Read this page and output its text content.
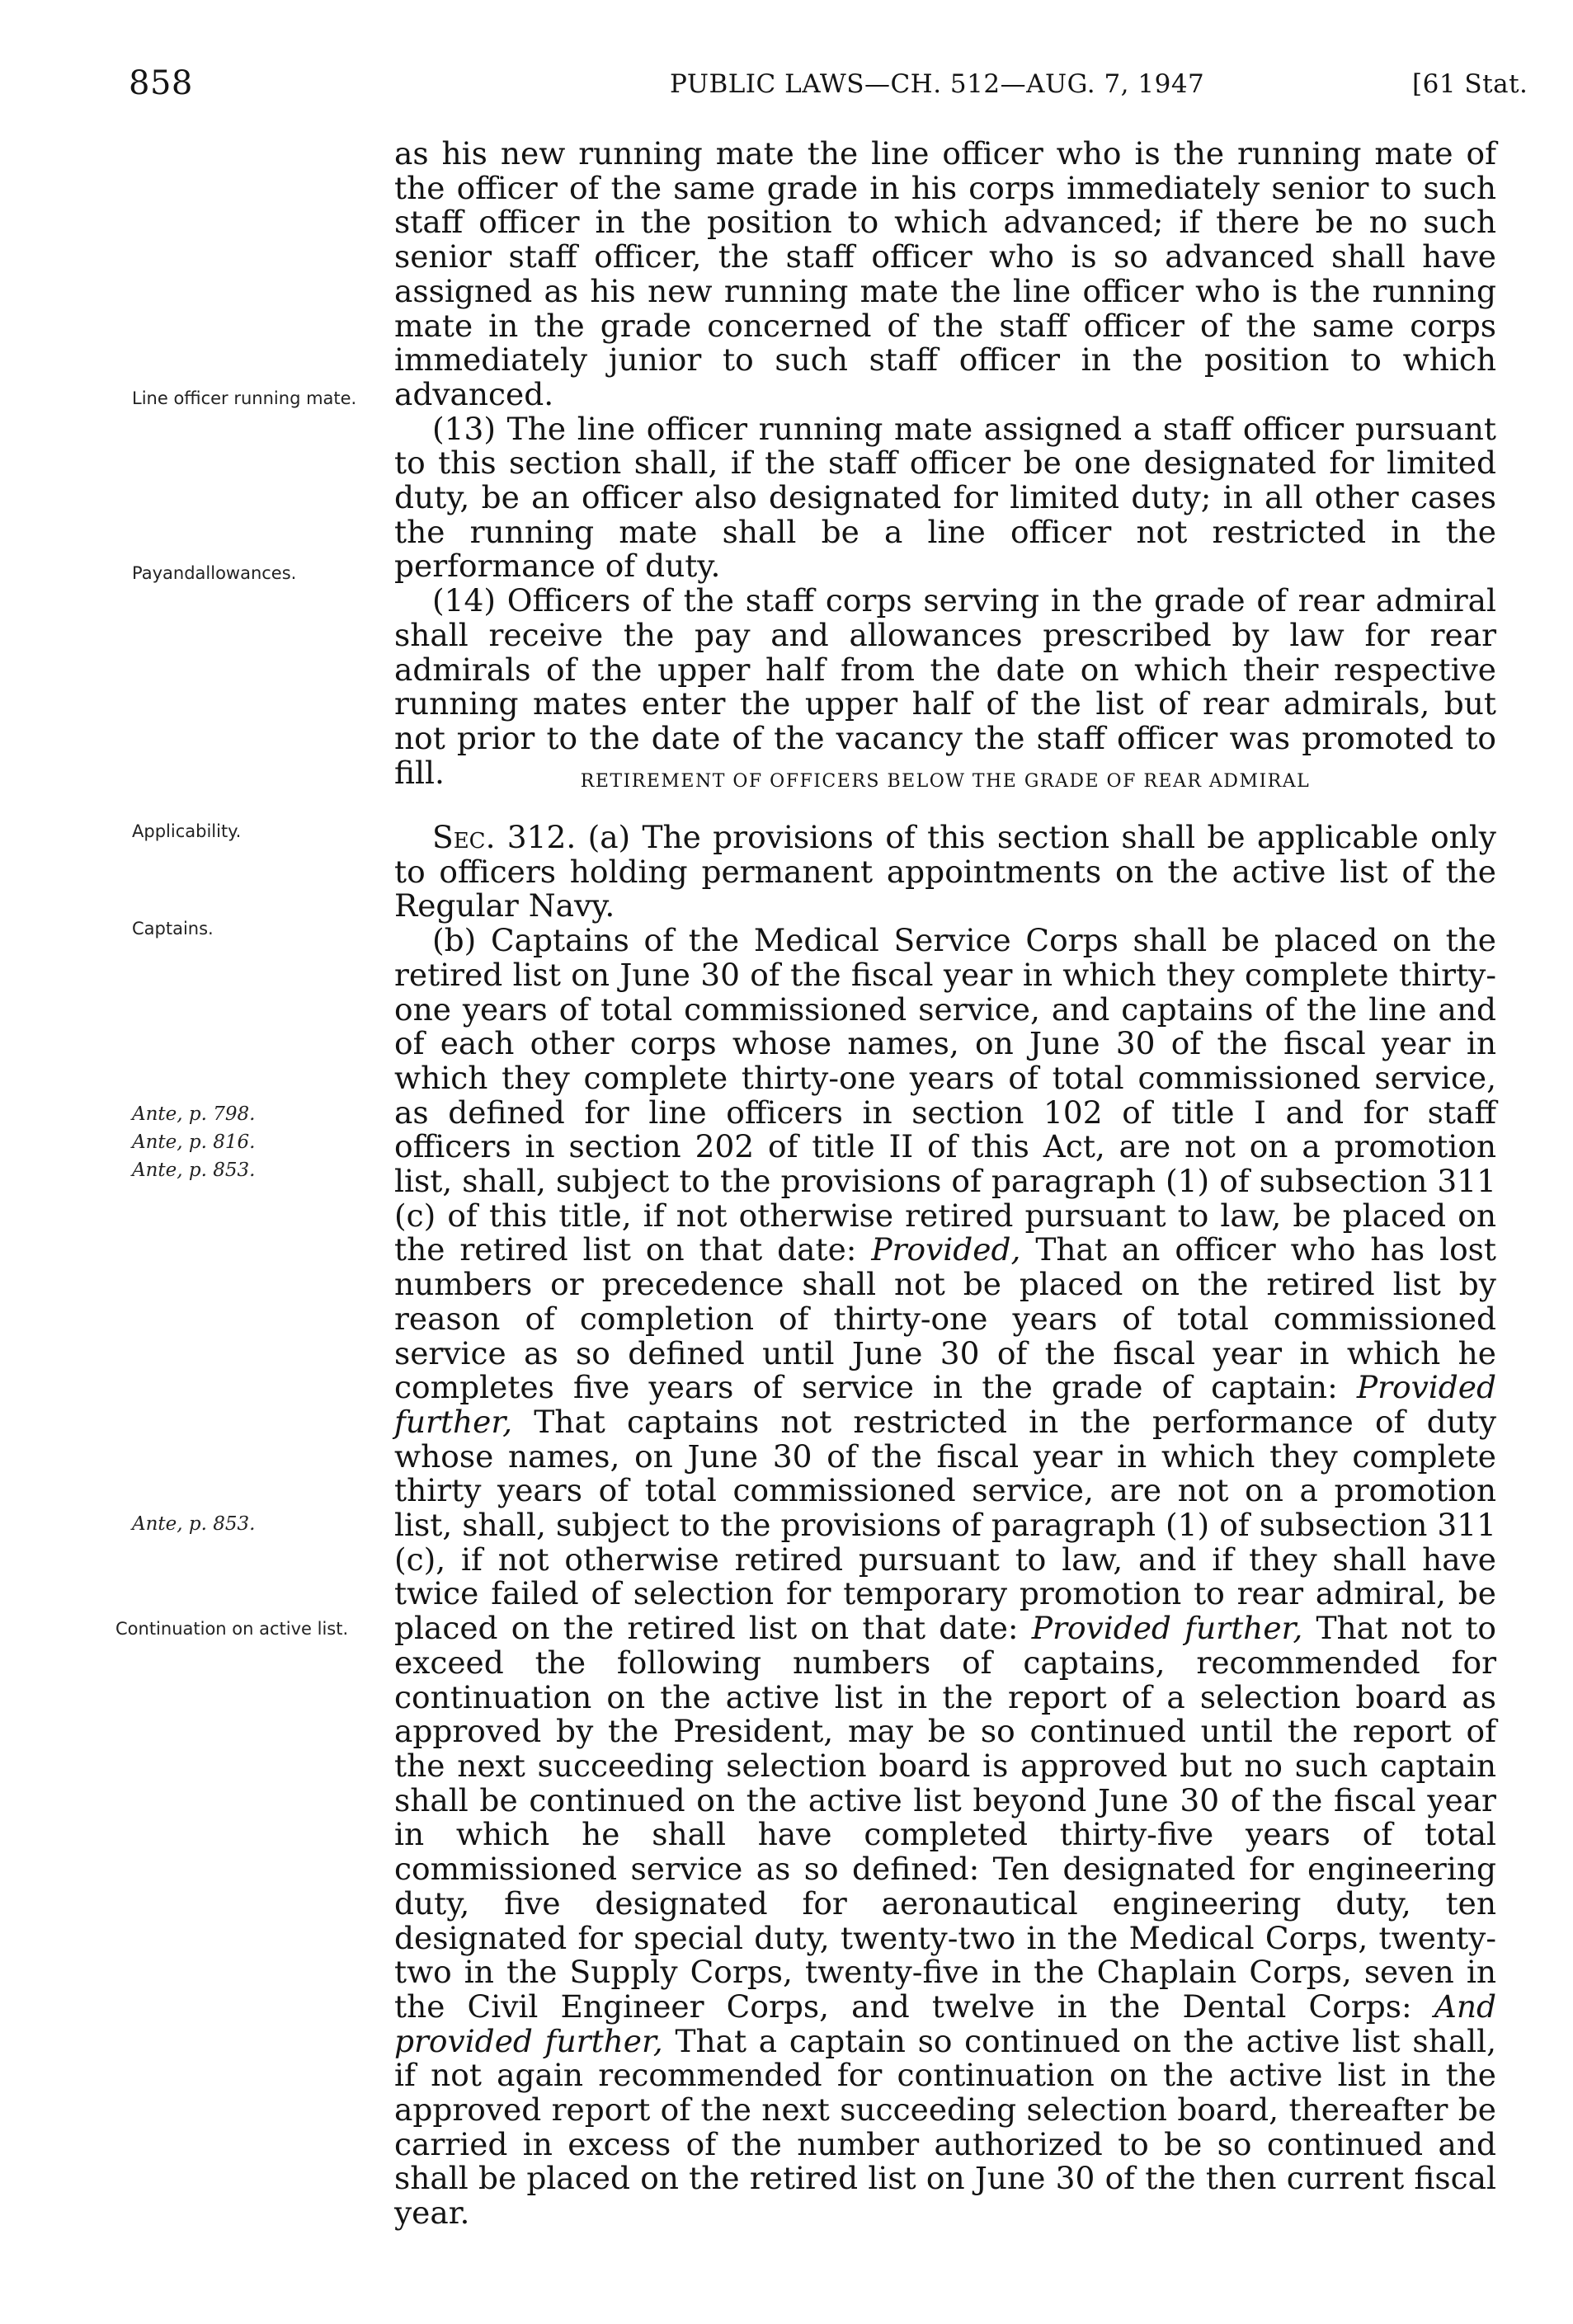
858	PUBLIC LAWS—CH. 512—AUG. 7, 1947	[61 Stat.
Line officer running mate.
Payandallowances.
Applicability.
Captains.
Ante, p. 798.
Ante, p. 816.
Ante, p. 853.
Ante, p. 853.
Continuation on active list.

as his new running mate the line officer who is the running mate of the officer of the same grade in his corps immediately senior to such staff officer in the position to which advanced; if there be no such senior staff officer, the staff officer who is so advanced shall have assigned as his new running mate the line officer who is the running mate in the grade concerned of the staff officer of the same corps immediately junior to such staff officer in the position to which advanced.

(13) The line officer running mate assigned a staff officer pursuant to this section shall, if the staff officer be one designated for limited duty, be an officer also designated for limited duty; in all other cases the running mate shall be a line officer not restricted in the performance of duty.

(14) Officers of the staff corps serving in the grade of rear admiral shall receive the pay and allowances prescribed by law for rear admirals of the upper half from the date on which their respective running mates enter the upper half of the list of rear admirals, but not prior to the date of the vacancy the staff officer was promoted to fill.	RETIREMENT OF OFFICERS BELOW THE GRADE OF REAR ADMIRAL

Sec. 312. (a) The provisions of this section shall be applicable only to officers holding permanent appointments on the active list of the Regular Navy.

(b) Captains of the Medical Service Corps shall be placed on the retired list on June 30 of the fiscal year in which they complete thirty-one years of total commissioned service, and captains of the line and of each other corps whose names, on June 30 of the fiscal year in which they complete thirty-one years of total commissioned service, as defined for line officers in section 102 of title I and for staff officers in section 202 of title II of this Act, are not on a promotion list, shall, subject to the provisions of paragraph (1) of subsection 311 (c) of this title, if not otherwise retired pursuant to law, be placed on the retired list on that date: Provided, That an officer who has lost numbers or precedence shall not be placed on the retired list by reason of completion of thirty-one years of total commissioned service as so defined until June 30 of the fiscal year in which he completes five years of service in the grade of captain: Provided further, That captains not restricted in the performance of duty whose names, on June 30 of the fiscal year in which they complete thirty years of total commissioned service, are not on a promotion list, shall, subject to the provisions of paragraph (1) of subsection 311 (c), if not otherwise retired pursuant to law, and if they shall have twice failed of selection for temporary promotion to rear admiral, be placed on the retired list on that date: Provided further, That not to exceed the following numbers of captains, recommended for continuation on the active list in the report of a selection board as approved by the President, may be so continued until the report of the next succeeding selection board is approved but no such captain shall be continued on the active list beyond June 30 of the fiscal year in which he shall have completed thirty-five years of total commissioned service as so defined: Ten designated for engineering duty, five designated for aeronautical engineering duty, ten designated for special duty, twenty-two in the Medical Corps, twenty-two in the Supply Corps, twenty-five in the Chaplain Corps, seven in the Civil Engineer Corps, and twelve in the Dental Corps: And provided further, That a captain so continued on the active list shall, if not again recommended for continuation on the active list in the approved report of the next succeeding selection board, thereafter be carried in excess of the number authorized to be so continued and shall be placed on the retired list on June 30 of the then current fiscal year.
